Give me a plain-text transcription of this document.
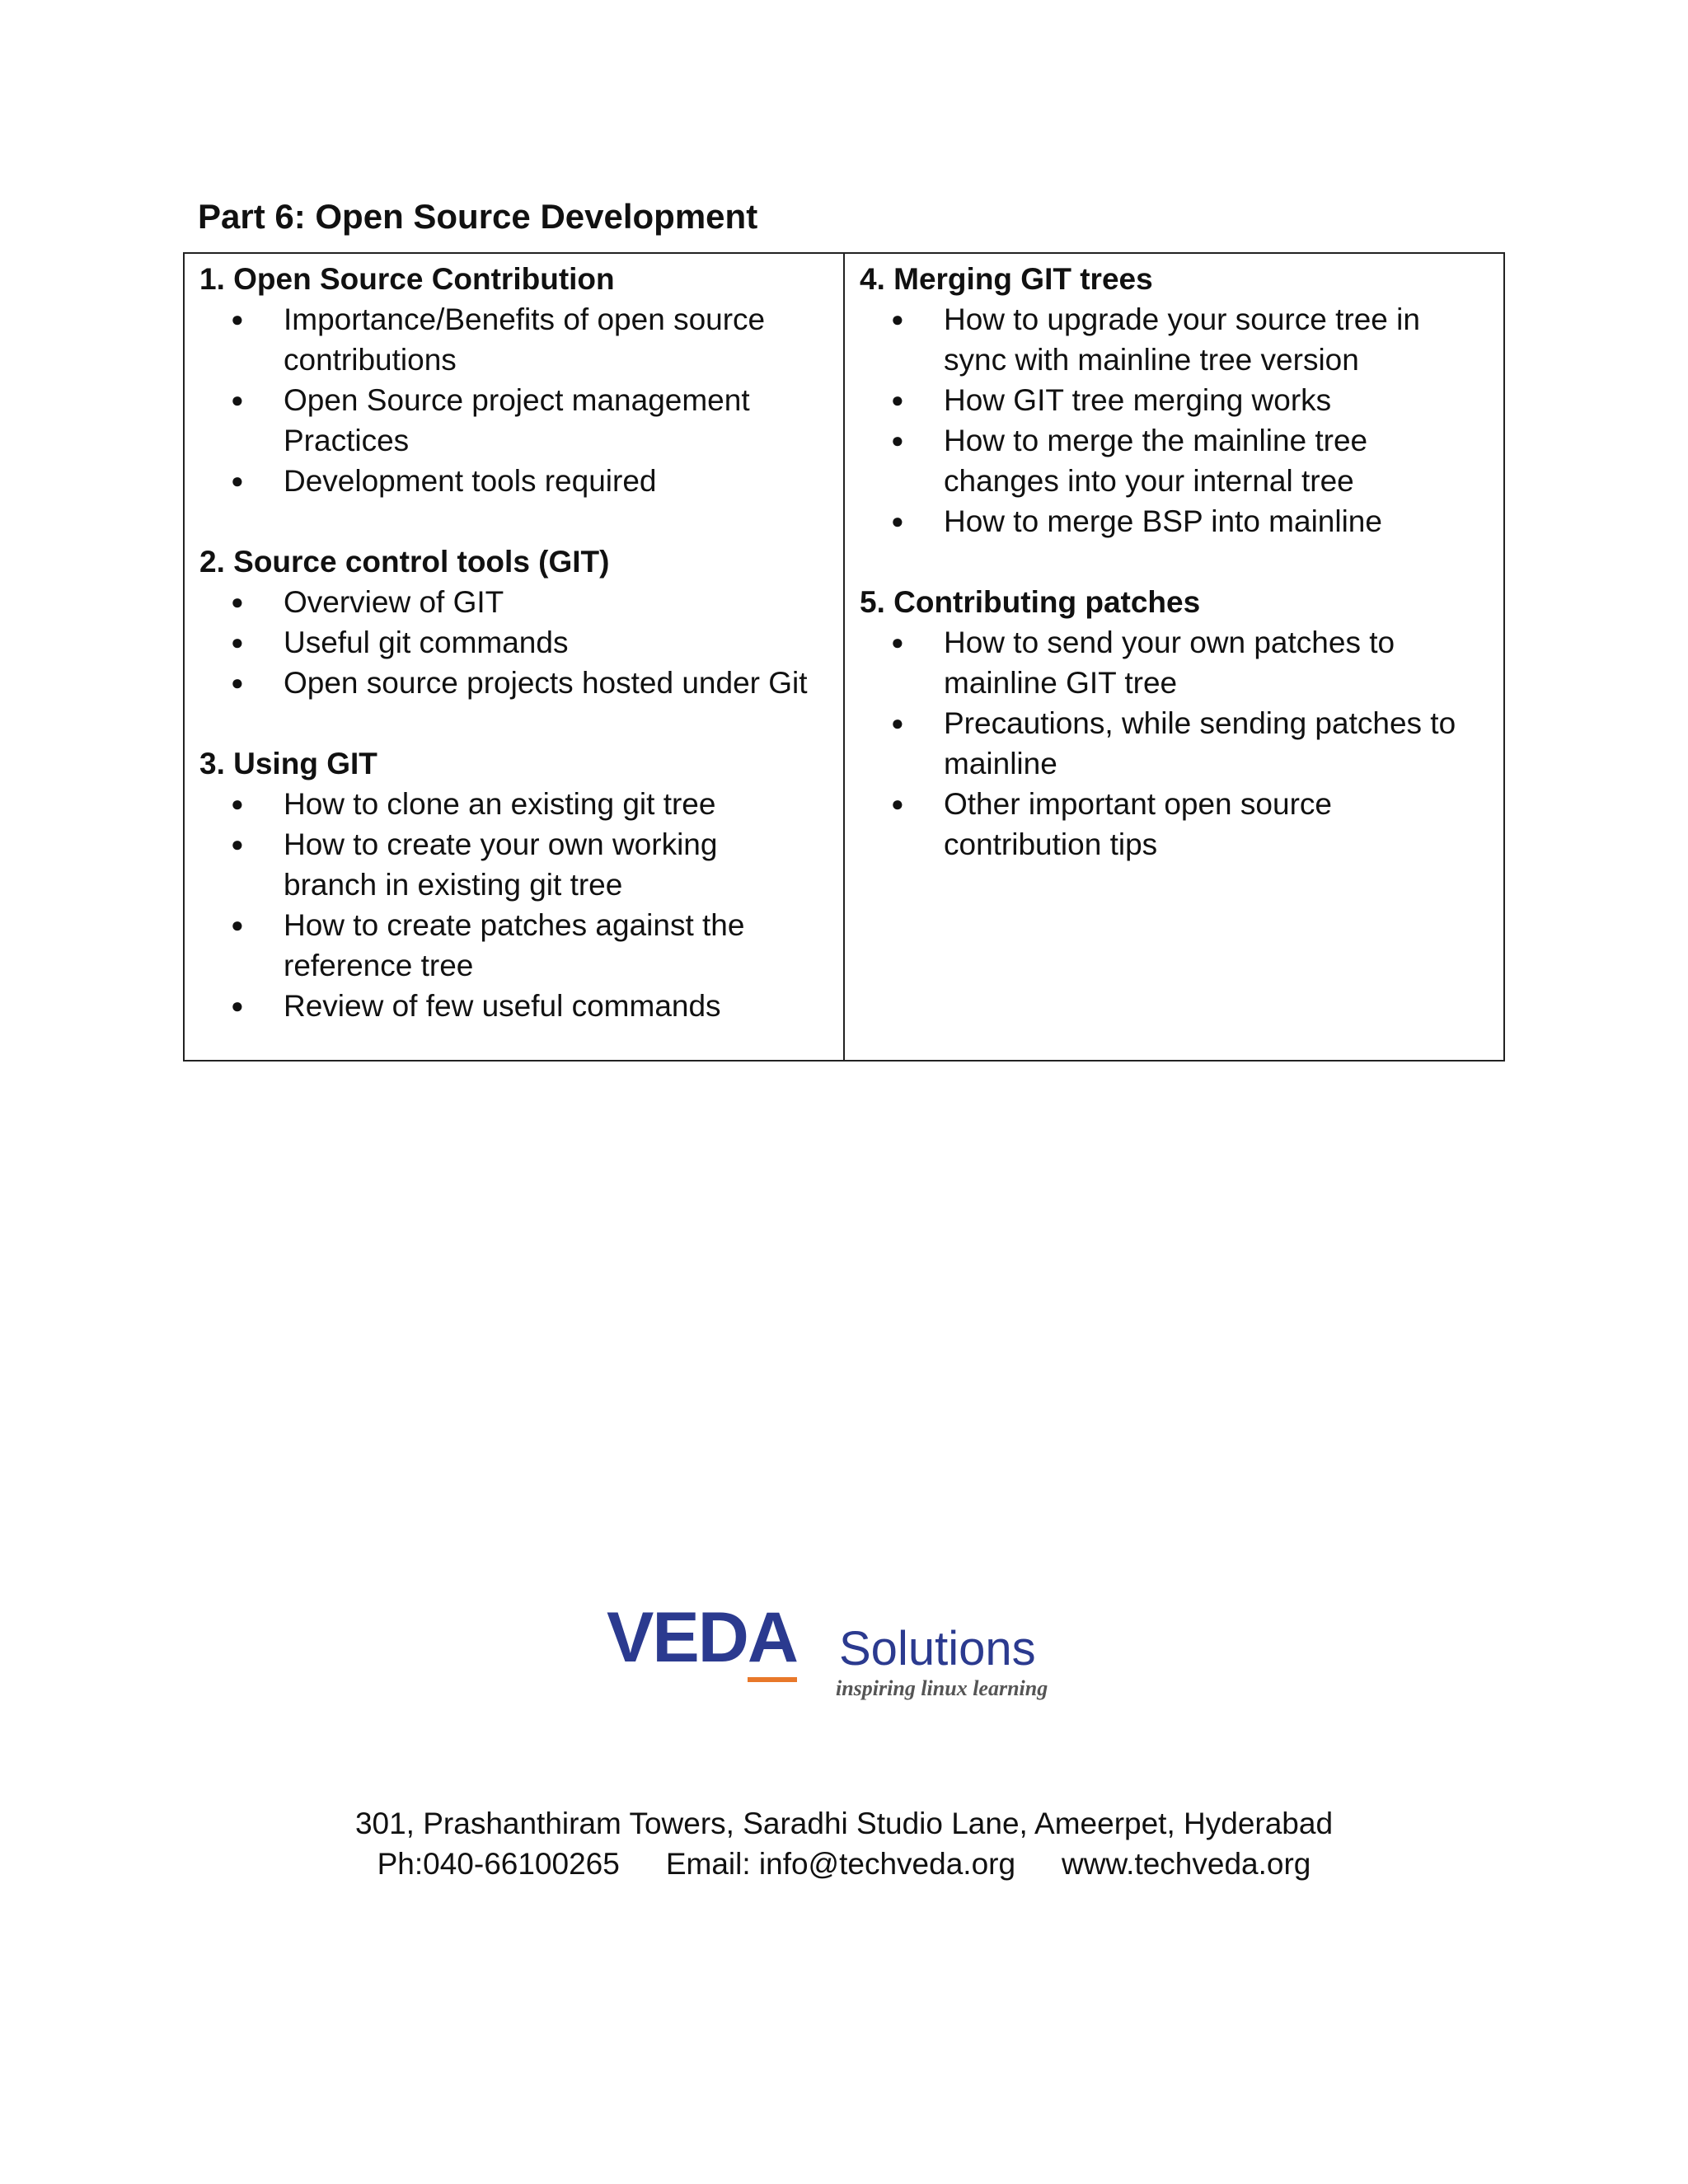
Part 6: Open Source Development

1. Open Source Contribution

● Importance/Benefits of open source
contributions
● Open Source project management
Practices
● Development tools required

2. Source control tools (GIT)

● Overview of GIT
● Useful git commands
● Open source projects hosted under Git

3. Using GIT

● How to clone an existing git tree
● How to create your own working
branch in existing git tree
● How to create patches against the
reference tree
● Review of few useful commands

4. Merging GIT trees

● How to upgrade your source tree in
sync with mainline tree version
● How GIT tree merging works
● How to merge the mainline tree
changes into your internal tree
● How to merge BSP into mainline

5. Contributing patches

● How to send your own patches to
mainline GIT tree
● Precautions, while sending patches to
mainline
● Other important open source
contribution tips
VEDA Solutions
inspiring linux learning
301, Prashanthiram Towers, Saradhi Studio Lane, Ameerpet, Hyderabad
Ph:040-66100265 Email: info@techveda.org www.techveda.org
